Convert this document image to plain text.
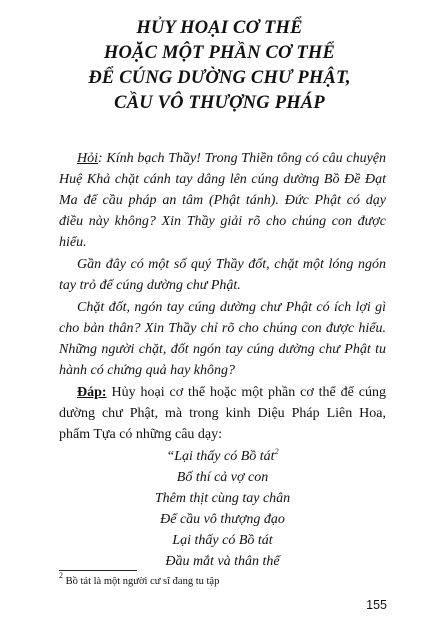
HỦY HOẠI CƠ THỂ
HOẶC MỘT PHẦN CƠ THỂ
ĐỂ CÚNG DƯỜNG CHƯ PHẬT,
CẦU VÔ THƯỢNG PHÁP

Hỏi: Kính bạch Thầy! Trong Thiền tông có câu chuyện Huệ Khả chặt cánh tay dâng lên cúng dường Bồ Đề Đạt Ma để cầu pháp an tâm (Phật tánh). Đức Phật có dạy điều này không? Xin Thầy giải rõ cho chúng con được hiểu.

Gần đây có một số quý Thầy đốt, chặt một lóng ngón tay trỏ để cúng dường chư Phật.

Chặt đốt, ngón tay cúng dường chư Phật có ích lợi gì cho bản thân? Xin Thầy chỉ rõ cho chúng con được hiểu. Những người chặt, đốt ngón tay cúng dường chư Phật tu hành có chứng quả hay không?

Đáp: Hủy hoại cơ thể hoặc một phần cơ thể để cúng dường chư Phật, mà trong kinh Diệu Pháp Liên Hoa, phẩm Tựa có những câu dạy:

“Lại thấy có Bồ tát$^2$

Bố thí cả vợ con

Thêm thịt cùng tay chân

Để cầu vô thượng đạo

Lại thấy có Bồ tát

Đầu mắt và thân thể

$^2$ Bồ tát là một người cư sĩ đang tu tập
155
